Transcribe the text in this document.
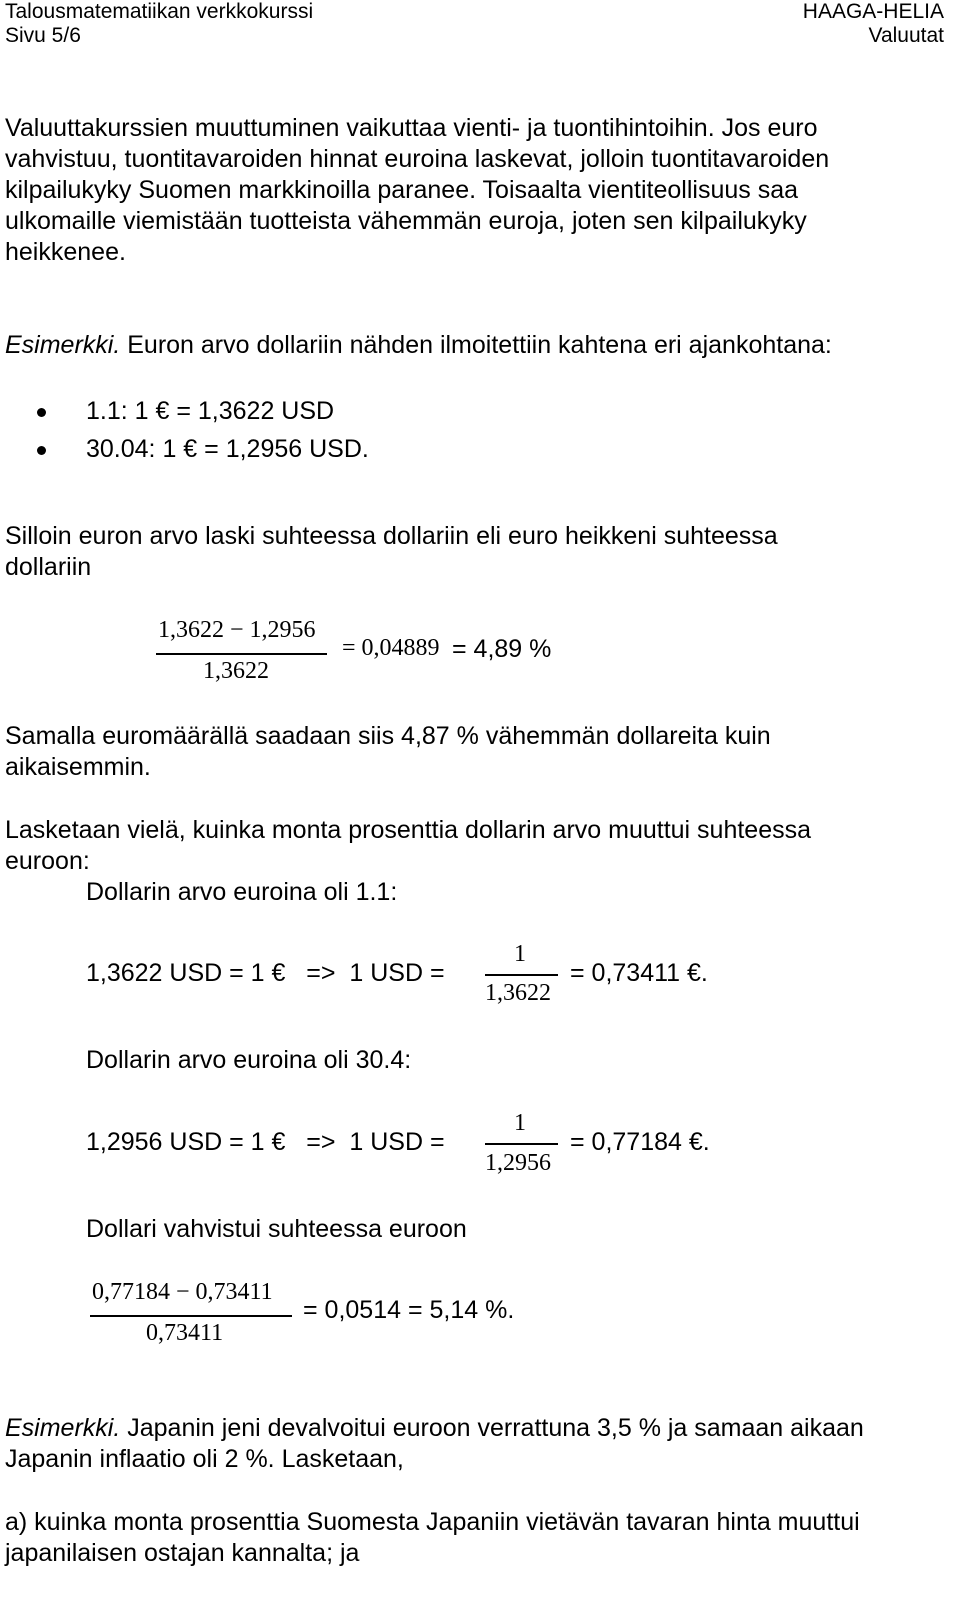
Talousmatematiikan verkkokurssi
Sivu 5/6
HAAGA-HELIA
Valuutat
Valuuttakurssien muuttuminen vaikuttaa vienti- ja tuontihintoihin. Jos euro
vahvistuu, tuontitavaroiden hinnat euroina laskevat, jolloin tuontitavaroiden
kilpailukyky Suomen markkinoilla paranee. Toisaalta vientiteollisuus saa
ulkomaille viemistään tuotteista vähemmän euroja, joten sen kilpailukyky
heikkenee.
Esimerkki. Euron arvo dollariin nähden ilmoitettiin kahtena eri ajankohtana:
1.1: 1 € = 1,3622 USD
30.04: 1 € = 1,2956 USD.
Silloin euron arvo laski suhteessa dollariin eli euro heikkeni suhteessa
dollariin
1,3622 − 1,2956
1,3622
= 0,04889 = 4,89 %
Samalla euromäärällä saadaan siis 4,87 % vähemmän dollareita kuin
aikaisemmin.
Lasketaan vielä, kuinka monta prosenttia dollarin arvo muuttui suhteessa
euroon:
Dollarin arvo euroina oli 1.1:
1,3622 USD = 1 €   =>  1 USD =
1
1,3622
= 0,73411 €.
Dollarin arvo euroina oli 30.4:
1,2956 USD = 1 €   =>  1 USD =
1
1,2956
= 0,77184 €.
Dollari vahvistui suhteessa euroon
0,77184 − 0,73411
0,73411
= 0,0514 = 5,14 %.
Esimerkki. Japanin jeni devalvoitui euroon verrattuna 3,5 % ja samaan aikaan
Japanin inflaatio oli 2 %. Lasketaan,
a) kuinka monta prosenttia Suomesta Japaniin vietävän tavaran hinta muuttui
japanilaisen ostajan kannalta; ja
